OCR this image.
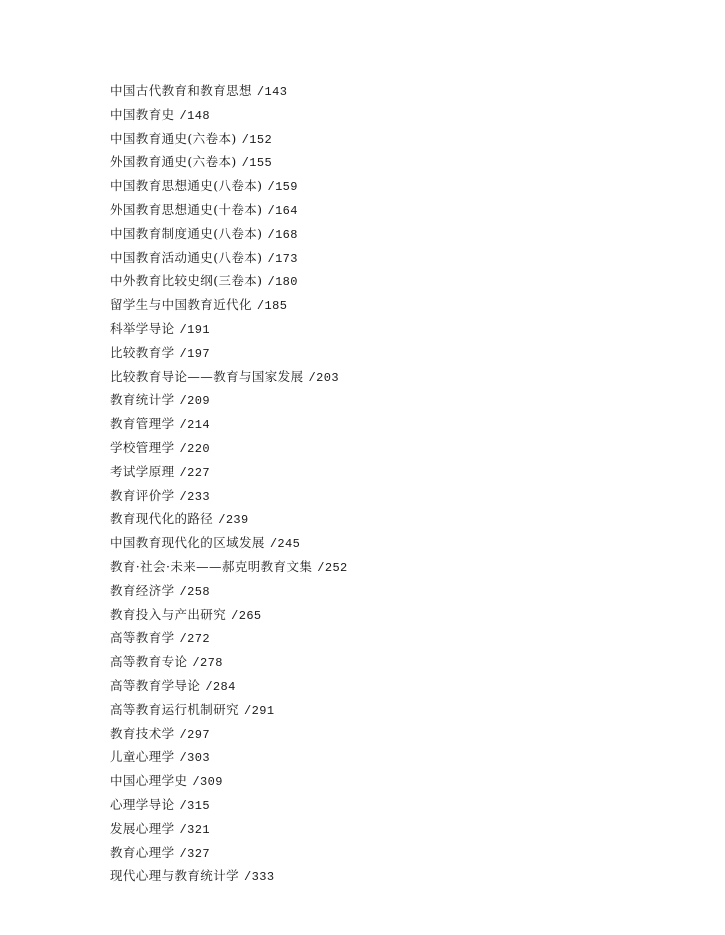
中国古代教育和教育思想 /143
中国教育史 /148
中国教育通史(六卷本) /152
外国教育通史(六卷本) /155
中国教育思想通史(八卷本) /159
外国教育思想通史(十卷本) /164
中国教育制度通史(八卷本) /168
中国教育活动通史(八卷本) /173
中外教育比较史纲(三卷本) /180
留学生与中国教育近代化 /185
科举学导论 /191
比较教育学 /197
比较教育导论——教育与国家发展 /203
教育统计学 /209
教育管理学 /214
学校管理学 /220
考试学原理 /227
教育评价学 /233
教育现代化的路径 /239
中国教育现代化的区域发展 /245
教育·社会·未来——郝克明教育文集 /252
教育经济学 /258
教育投入与产出研究 /265
高等教育学 /272
高等教育专论 /278
高等教育学导论 /284
高等教育运行机制研究 /291
教育技术学 /297
儿童心理学 /303
中国心理学史 /309
心理学导论 /315
发展心理学 /321
教育心理学 /327
现代心理与教育统计学 /333
